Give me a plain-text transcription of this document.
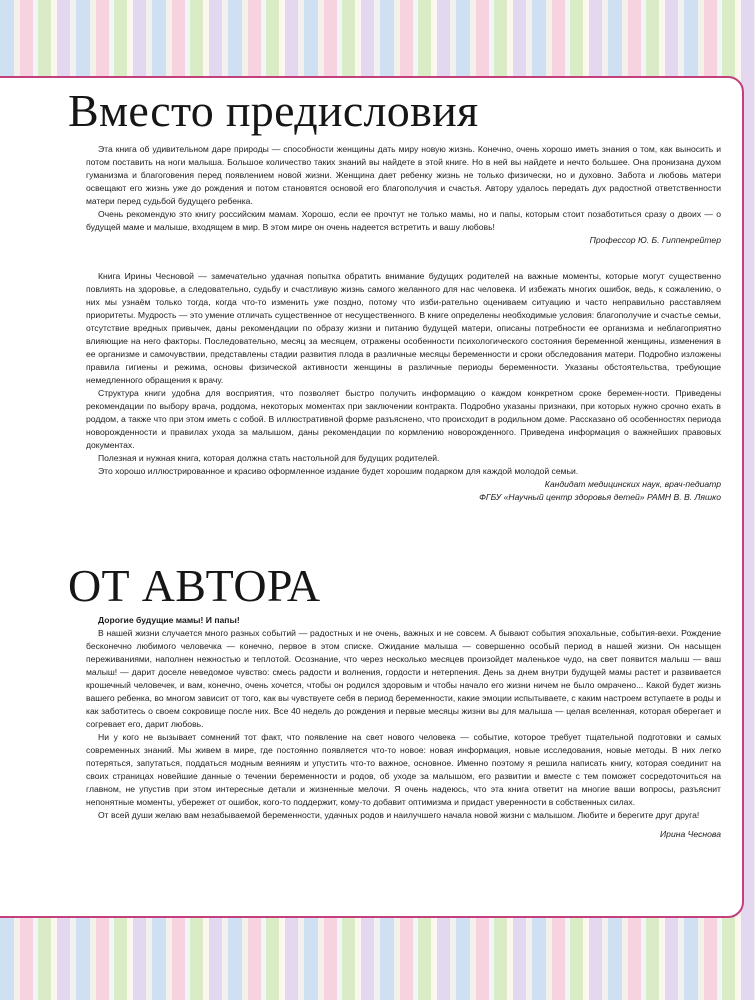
Вместо предисловия

Эта книга об удивительном даре природы — способности женщины дать миру новую жизнь. Конечно, очень хорошо иметь знания о том, как выносить и потом поставить на ноги малыша. Большое количество таких знаний вы найдете в этой книге. Но в ней вы найдете и нечто большее. Она пронизана духом гуманизма и благоговения перед появлением новой жизни. Женщина дает ребенку жизнь не только физически, но и духовно. Забота и любовь матери освещают его жизнь уже до рождения и потом становятся основой его благополучия и счастья. Автору удалось передать дух радостной ответственности матери перед судьбой будущего ребенка.

Очень рекомендую это книгу российским мамам. Хорошо, если ее прочтут не только мамы, но и папы, которым стоит позаботиться сразу о двоих — о будущей маме и малыше, входящем в мир. В этом мире он очень надеется встретить и вашу любовь!

Профессор Ю. Б. Гиппенрейтер

Книга Ирины Чесновой — замечательно удачная попытка обратить внимание будущих родителей на важные моменты, которые могут существенно повлиять на здоровье, а следовательно, судьбу и счастливую жизнь самого желанного для нас человека. И избежать многих ошибок, ведь, к сожалению, о них мы узнаём только тогда, когда что-то изменить уже поздно, потому что изби-рательно оцениваем ситуацию и часто неправильно расставляем приоритеты. Мудрость — это умение отличать существенное от несущественного. В книге определены необходимые условия: благополучие и счастье семьи, отсутствие вредных привычек, даны рекомендации по образу жизни и питанию будущей матери, описаны потребности ее организма и неблагоприятно влияющие на него факторы. Последовательно, месяц за месяцем, отражены особенности психологического состояния беременной женщины, изменения в ее организме и самочувствии, представлены стадии развития плода в различные месяцы беременности и сроки обследования матери. Подробно изложены правила гигиены и режима, основы физической активности женщины в различные периоды беременности. Указаны обстоятельства, требующие немедленного обращения к врачу.

Структура книги удобна для восприятия, что позволяет быстро получить информацию о каждом конкретном сроке беремен-ности. Приведены рекомендации по выбору врача, роддома, некоторых моментах при заключении контракта. Подробно указаны признаки, при которых нужно срочно ехать в роддом, а также что при этом иметь с собой. В иллюстративной форме разъяснено, что происходит в родильном доме. Рассказано об особенностях периода новорожденности и правилах ухода за малышом, даны рекомендации по кормлению новорожденного. Приведена информация о важнейших правовых документах.

Полезная и нужная книга, которая должна стать настольной для будущих родителей.

Это хорошо иллюстрированное и красиво оформленное издание будет хорошим подарком для каждой молодой семьи.

Кандидат медицинских наук, врач-педиатр

ФГБУ «Научный центр здоровья детей» РАМН В. В. Ляшко

ОТ АВТОРА

Дорогие будущие мамы! И папы!

В нашей жизни случается много разных событий — радостных и не очень, важных и не совсем. А бывают события эпохальные, события-вехи. Рождение бесконечно любимого человечка — конечно, первое в этом списке. Ожидание малыша — совершенно особый период в нашей жизни. Он насыщен переживаниями, наполнен нежностью и теплотой. Осознание, что через несколько месяцев произойдет маленькое чудо, на свет появится малыш — ваш малыш! — дарит доселе неведомое чувство: смесь радости и волнения, гордости и нетерпения. День за днем внутри будущей мамы растет и развивается крошечный человечек, и вам, конечно, очень хочется, чтобы он родился здоровым и чтобы начало его жизни ничем не было омрачено... Какой будет жизнь вашего ребенка, во многом зависит от того, как вы чувствуете себя в период беременности, какие эмоции испытываете, с каким настроем вступаете в роды и как заботитесь о своем сокровище после них. Все 40 недель до рождения и первые месяцы жизни вы для малыша — целая вселенная, которая оберегает и согревает его, дарит любовь.

Ни у кого не вызывает сомнений тот факт, что появление на свет нового человека — событие, которое требует тщательной подготовки и самых современных знаний. Мы живем в мире, где постоянно появляется что-то новое: новая информация, новые исследования, новые методы. В них легко потеряться, запутаться, поддаться модным веяниям и упустить что-то важное, основное. Именно поэтому я решила написать книгу, которая соединит на своих страницах новейшие данные о течении беременности и родов, об уходе за малышом, его развитии и вместе с тем поможет сосредоточиться на главном, не упустив при этом интересные детали и жизненные мелочи. Я очень надеюсь, что эта книга ответит на многие ваши вопросы, разъяснит непонятные моменты, убережет от ошибок, кого-то поддержит, кому-то добавит оптимизма и придаст уверенности в собственных силах.

От всей души желаю вам незабываемой беременности, удачных родов и наилучшего начала новой жизни с малышом. Любите и берегите друг друга!

Ирина Чеснова
